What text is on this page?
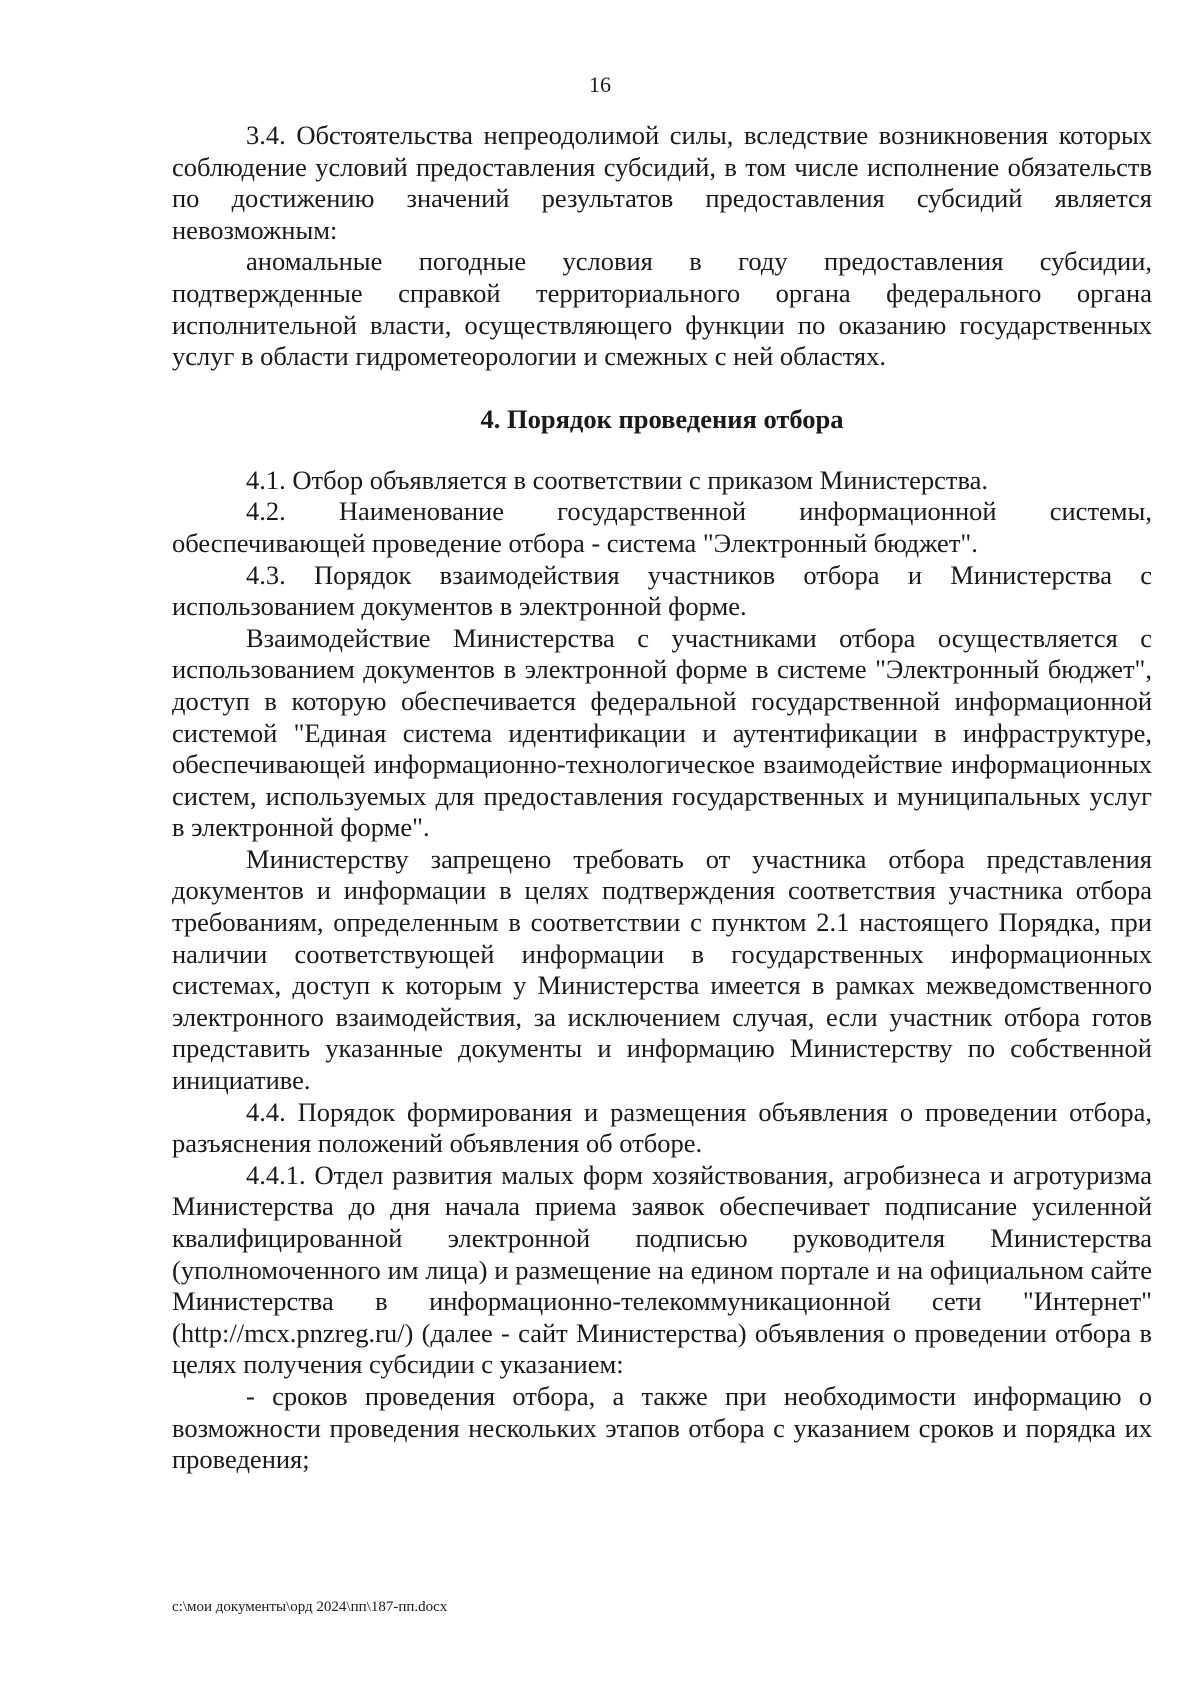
16

3.4. Обстоятельства непреодолимой силы, вследствие возникновения которых соблюдение условий предоставления субсидий, в том числе исполнение обязательств по достижению значений результатов предоставления субсидий является невозможным:

аномальные погодные условия в году предоставления субсидии, подтвержденные справкой территориального органа федерального органа исполнительной власти, осуществляющего функции по оказанию государственных услуг в области гидрометеорологии и смежных с ней областях.

4. Порядок проведения отбора

4.1. Отбор объявляется в соответствии с приказом Министерства.

4.2. Наименование государственной информационной системы, обеспечивающей проведение отбора - система "Электронный бюджет".

4.3. Порядок взаимодействия участников отбора и Министерства с использованием документов в электронной форме.

Взаимодействие Министерства с участниками отбора осуществляется с использованием документов в электронной форме в системе "Электронный бюджет", доступ в которую обеспечивается федеральной государственной информационной системой "Единая система идентификации и аутентификации в инфраструктуре, обеспечивающей информационно-технологическое взаимодействие информационных систем, используемых для предоставления государственных и муниципальных услуг в электронной форме".

Министерству запрещено требовать от участника отбора представления документов и информации в целях подтверждения соответствия участника отбора требованиям, определенным в соответствии с пунктом 2.1 настоящего Порядка, при наличии соответствующей информации в государственных информационных системах, доступ к которым у Министерства имеется в рамках межведомственного электронного взаимодействия, за исключением случая, если участник отбора готов представить указанные документы и информацию Министерству по собственной инициативе.

4.4. Порядок формирования и размещения объявления о проведении отбора, разъяснения положений объявления об отборе.

4.4.1. Отдел развития малых форм хозяйствования, агробизнеса и агротуризма Министерства до дня начала приема заявок обеспечивает подписание усиленной квалифицированной электронной подписью руководителя Министерства (уполномоченного им лица) и размещение на едином портале и на официальном сайте Министерства в информационно-телекоммуникационной сети "Интернет" (http://mcx.pnzreg.ru/) (далее - сайт Министерства) объявления о проведении отбора в целях получения субсидии с указанием:

- сроков проведения отбора, а также при необходимости информацию о возможности проведения нескольких этапов отбора с указанием сроков и порядка их проведения;

с:\мои документы\орд 2024\пп\187-пп.docx
